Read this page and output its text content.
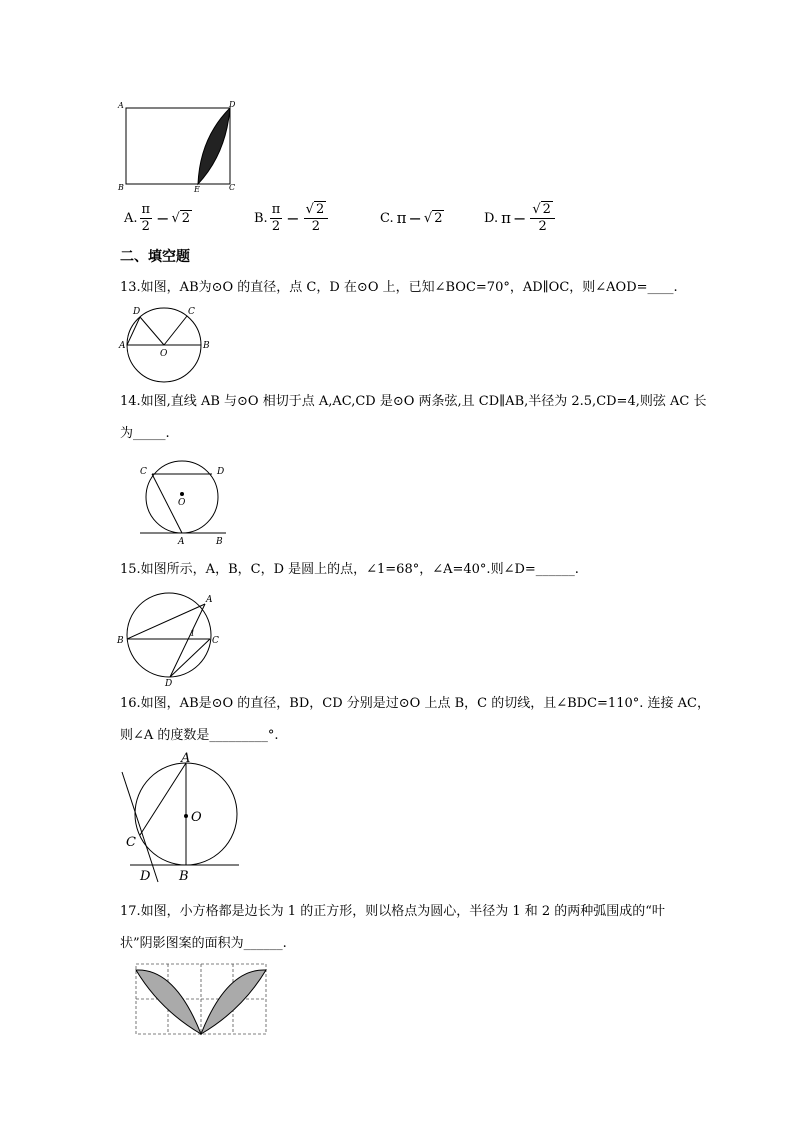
A	D
B	E	C
A. $\frac{\pi}{2}$ − √ 2	B. $\frac{\pi}{2} - \frac{√ 2}{2}$	C. π − √ 2	D. $\pi - \frac{√ 2}{2}$
二、填空题
13.如图，AB为⊙O 的直径，点 C，D 在⊙O 上，已知∠BOC=70°，AD∥OC，则∠AOD=____.
A	B
C
D
O
14.如图,直线 AB 与⊙O 相切于点 A,AC,CD 是⊙O 两条弦,且 CD∥AB,半径为 2.5,CD=4,则弦 AC 长
为_____.
C	D
O
A	B
15.如图所示，A，B，C，D 是圆上的点，∠1=68°，∠A=40°.则∠D=______.
A
B	C
D
1
16.如图，AB是⊙O 的直径，BD，CD 分别是过⊙O 上点 B，C 的切线，且∠BDC=110°. 连接 AC，
则∠A 的度数是_________°.
A
O
C
D B
17.如图，小方格都是边长为 1 的正方形，则以格点为圆心，半径为 1 和 2 的两种弧围成的“叶
状”阴影图案的面积为______.
